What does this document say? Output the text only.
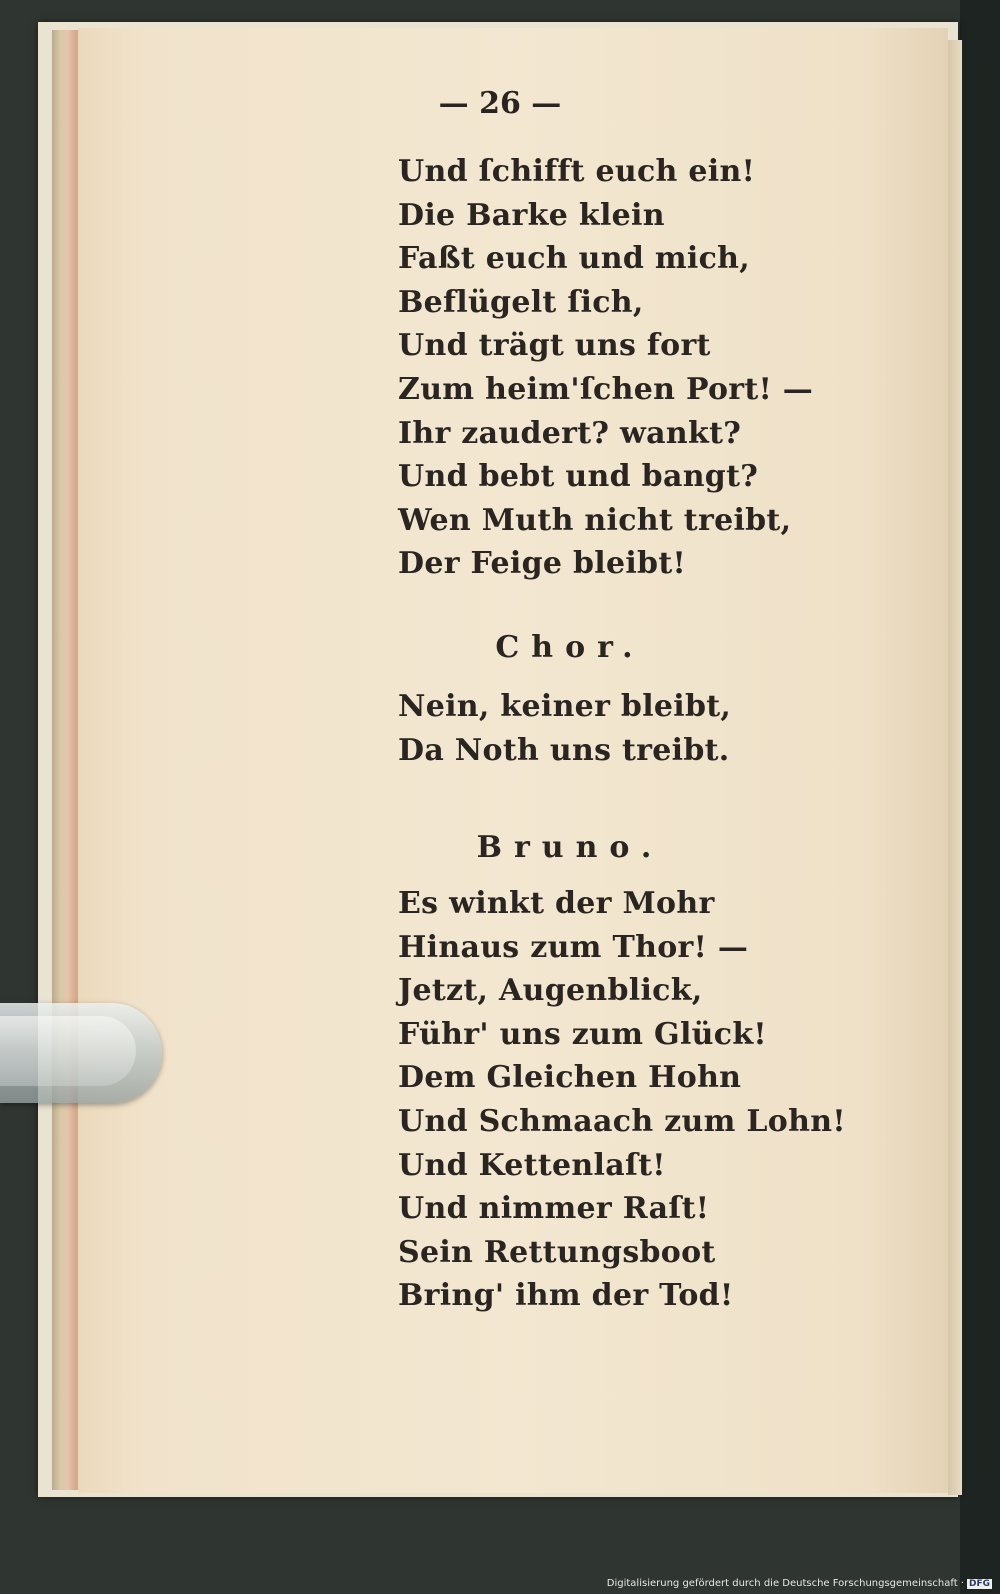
— 26 —
Und ſchifft euch ein!
Die Barke klein
Faßt euch und mich,
Beflügelt ſich,
Und trägt uns fort
Zum heim'ſchen Port! —
Ihr zaudert? wankt?
Und bebt und bangt?
Wen Muth nicht treibt,
Der Feige bleibt!
Chor.
Nein, keiner bleibt,
Da Noth uns treibt.
Bruno.
Es winkt der Mohr
Hinaus zum Thor! —
Jetzt, Augenblick,
Führ' uns zum Glück!
Dem Gleichen Hohn
Und Schmaach zum Lohn!
Und Kettenlaſt!
Und nimmer Raſt!
Sein Rettungsboot
Bring' ihm der Tod!
Digitalisierung gefördert durch die Deutsche Forschungsgemeinschaft · DFG
